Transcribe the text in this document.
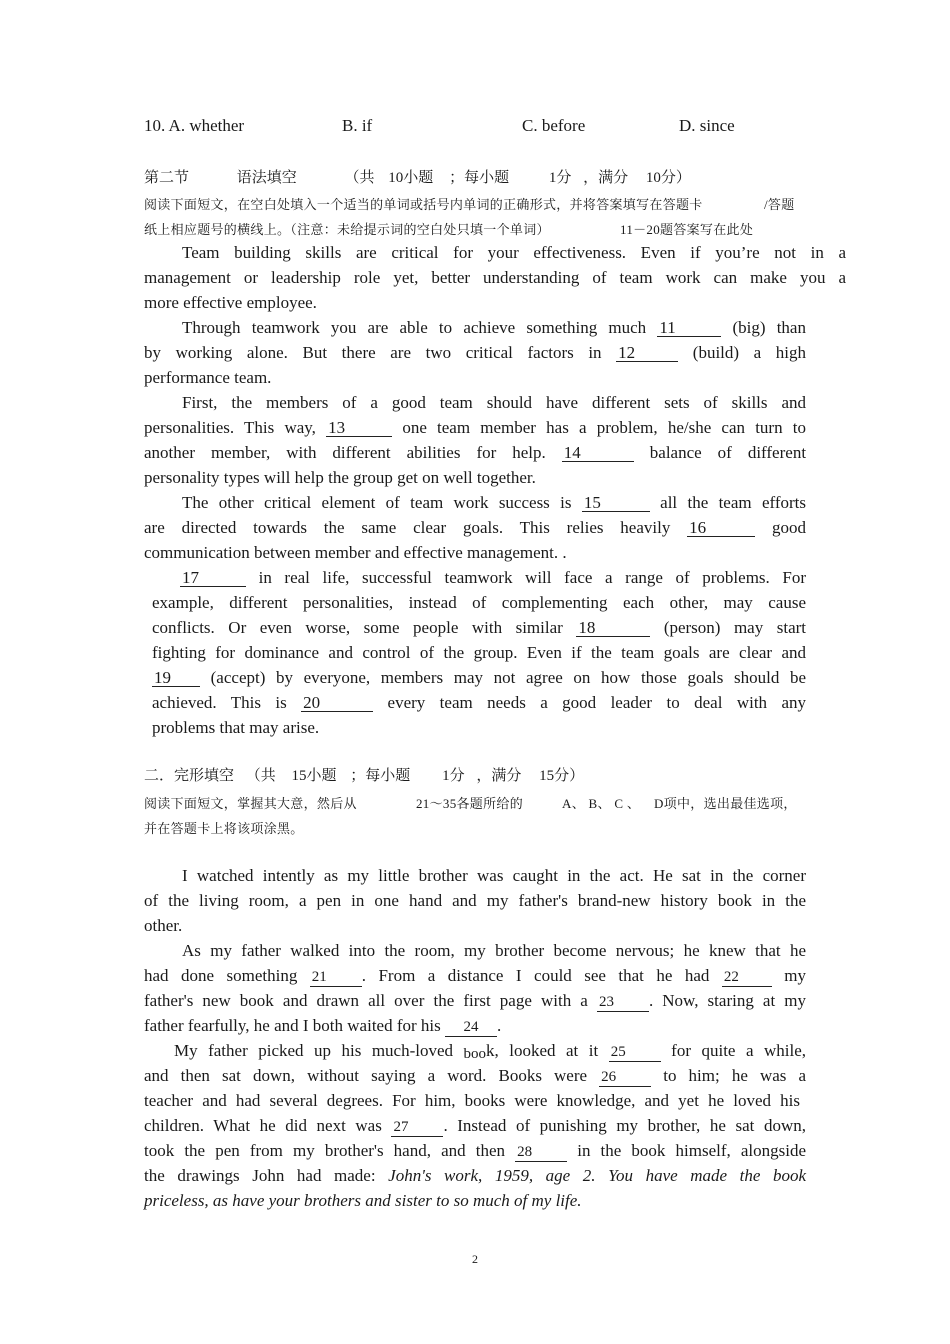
10. A. whether	B. if	C. before	D. since
第二节	语法填空	（共 10小题 ；每小题	1分 ，满分 10分）
阅读下面短文，在空白处填入一个适当的单词或括号内单词的正确形式，并将答案填写在答题卡	/答题
纸上相应题号的横线上。（注意：未给提示词的空白处只填一个单词）	11－20题答案写在此处
Team building skills are critical for your effectiveness. Even if you’re not in a
management or leadership role yet, better understanding of team work can make you a
more effective employee.
Through teamwork you are able to achieve something much 11	(big) than
by working alone. But there are two critical factors in 12	(build) a high
performance team.
First, the members of a good team should have different sets of skills and
personalities. This way, 13	one team member has a problem, he/she can turn to
another member, with different abilities for help. 14	balance of different
personality types will help the group get on well together.
The other critical element of team work success is 15	all the team efforts
are directed towards the same clear goals. This relies heavily 16	good
communication between member and effective management. .
17	in real life, successful teamwork will face a range of problems. For
example, different personalities, instead of complementing each other, may cause
conflicts. Or even worse, some people with similar 18	(person) may start
fighting for dominance and control of the group. Even if the team goals are clear and
19 (accept) by everyone, members may not agree on how those goals should be
achieved. This is 20	every team needs a good leader to deal with any
problems that may arise.
二．完形填空 （共 15小题 ；每小题 1分 ，满分 15分）
阅读下面短文，掌握其大意，然后从	21～35各题所给的	A、 B、 C 、 D项中，选出最佳选项，
并在答题卡上将该项涂黑。
I watched intently as my little brother was caught in the act. He sat in the corner
of the living room, a pen in one hand and my father's brand-new history book in the
other.
As my father walked into the room, my brother become nervous; he knew that he
had done something 21 . From a distance I could see that he had 22	my
father's new book and drawn all over the first page with a 23 . Now, staring at my
father fearfully, he and I both waited for his 24 .
My father picked up his much-loved book, looked at it 25	for quite a while,
and then sat down, without saying a word. Books were 26	to him; he was a
teacher and had several degrees. For him, books were knowledge, and yet he loved his
children. What he did next was 27 . Instead of punishing my brother, he sat down,
took the pen from my brother's hand, and then 28	in the book himself, alongside
the drawings John had made: John's work, 1959, age 2. You have made the book
priceless, as have your brothers and sister to so much of my life.
2
